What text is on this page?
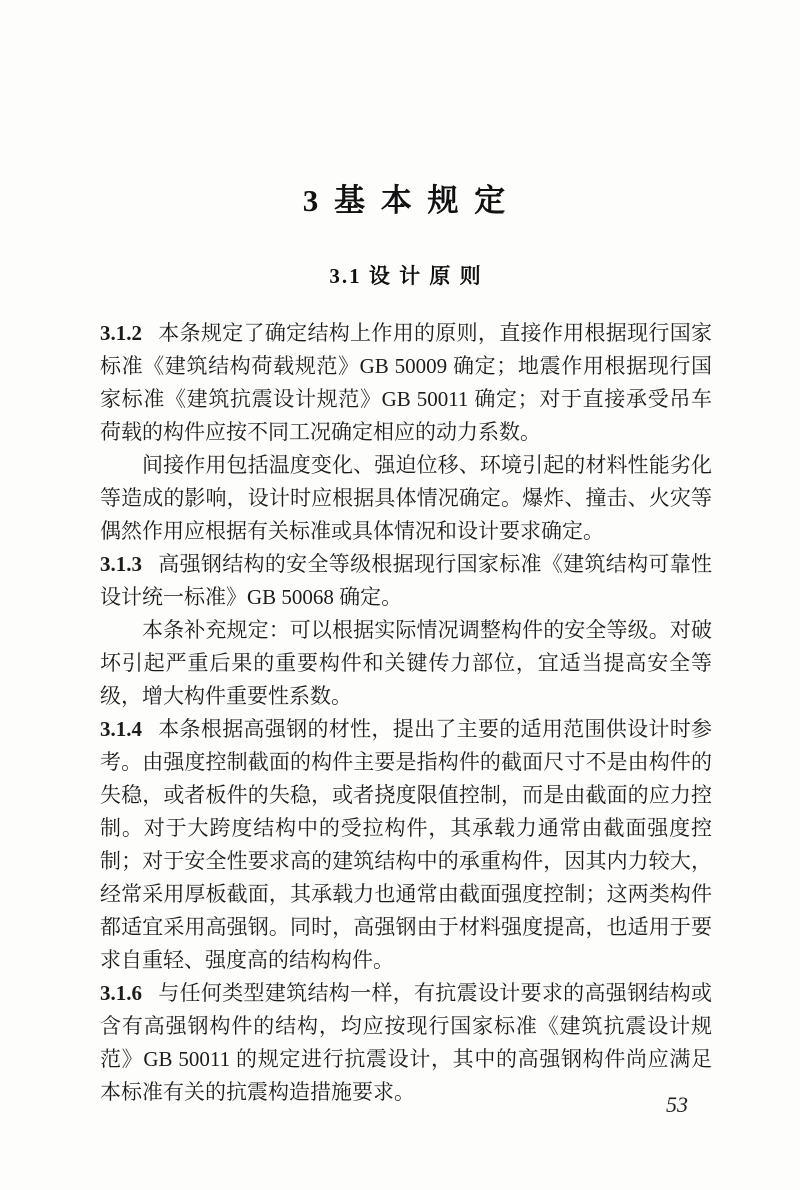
3 基 本 规 定
3.1 设 计 原 则

3.1.2 本条规定了确定结构上作用的原则，直接作用根据现行国家标准《建筑结构荷载规范》GB 50009 确定；地震作用根据现行国家标准《建筑抗震设计规范》GB 50011 确定；对于直接承受吊车荷载的构件应按不同工况确定相应的动力系数。

间接作用包括温度变化、强迫位移、环境引起的材料性能劣化等造成的影响，设计时应根据具体情况确定。爆炸、撞击、火灾等偶然作用应根据有关标准或具体情况和设计要求确定。

3.1.3 高强钢结构的安全等级根据现行国家标准《建筑结构可靠性设计统一标准》GB 50068 确定。

本条补充规定：可以根据实际情况调整构件的安全等级。对破坏引起严重后果的重要构件和关键传力部位，宜适当提高安全等级，增大构件重要性系数。

3.1.4 本条根据高强钢的材性，提出了主要的适用范围供设计时参考。由强度控制截面的构件主要是指构件的截面尺寸不是由构件的失稳，或者板件的失稳，或者挠度限值控制，而是由截面的应力控制。对于大跨度结构中的受拉构件，其承载力通常由截面强度控制；对于安全性要求高的建筑结构中的承重构件，因其内力较大，经常采用厚板截面，其承载力也通常由截面强度控制；这两类构件都适宜采用高强钢。同时，高强钢由于材料强度提高，也适用于要求自重轻、强度高的结构构件。

3.1.6 与任何类型建筑结构一样，有抗震设计要求的高强钢结构或含有高强钢构件的结构，均应按现行国家标准《建筑抗震设计规范》GB 50011 的规定进行抗震设计，其中的高强钢构件尚应满足本标准有关的抗震构造措施要求。	53
